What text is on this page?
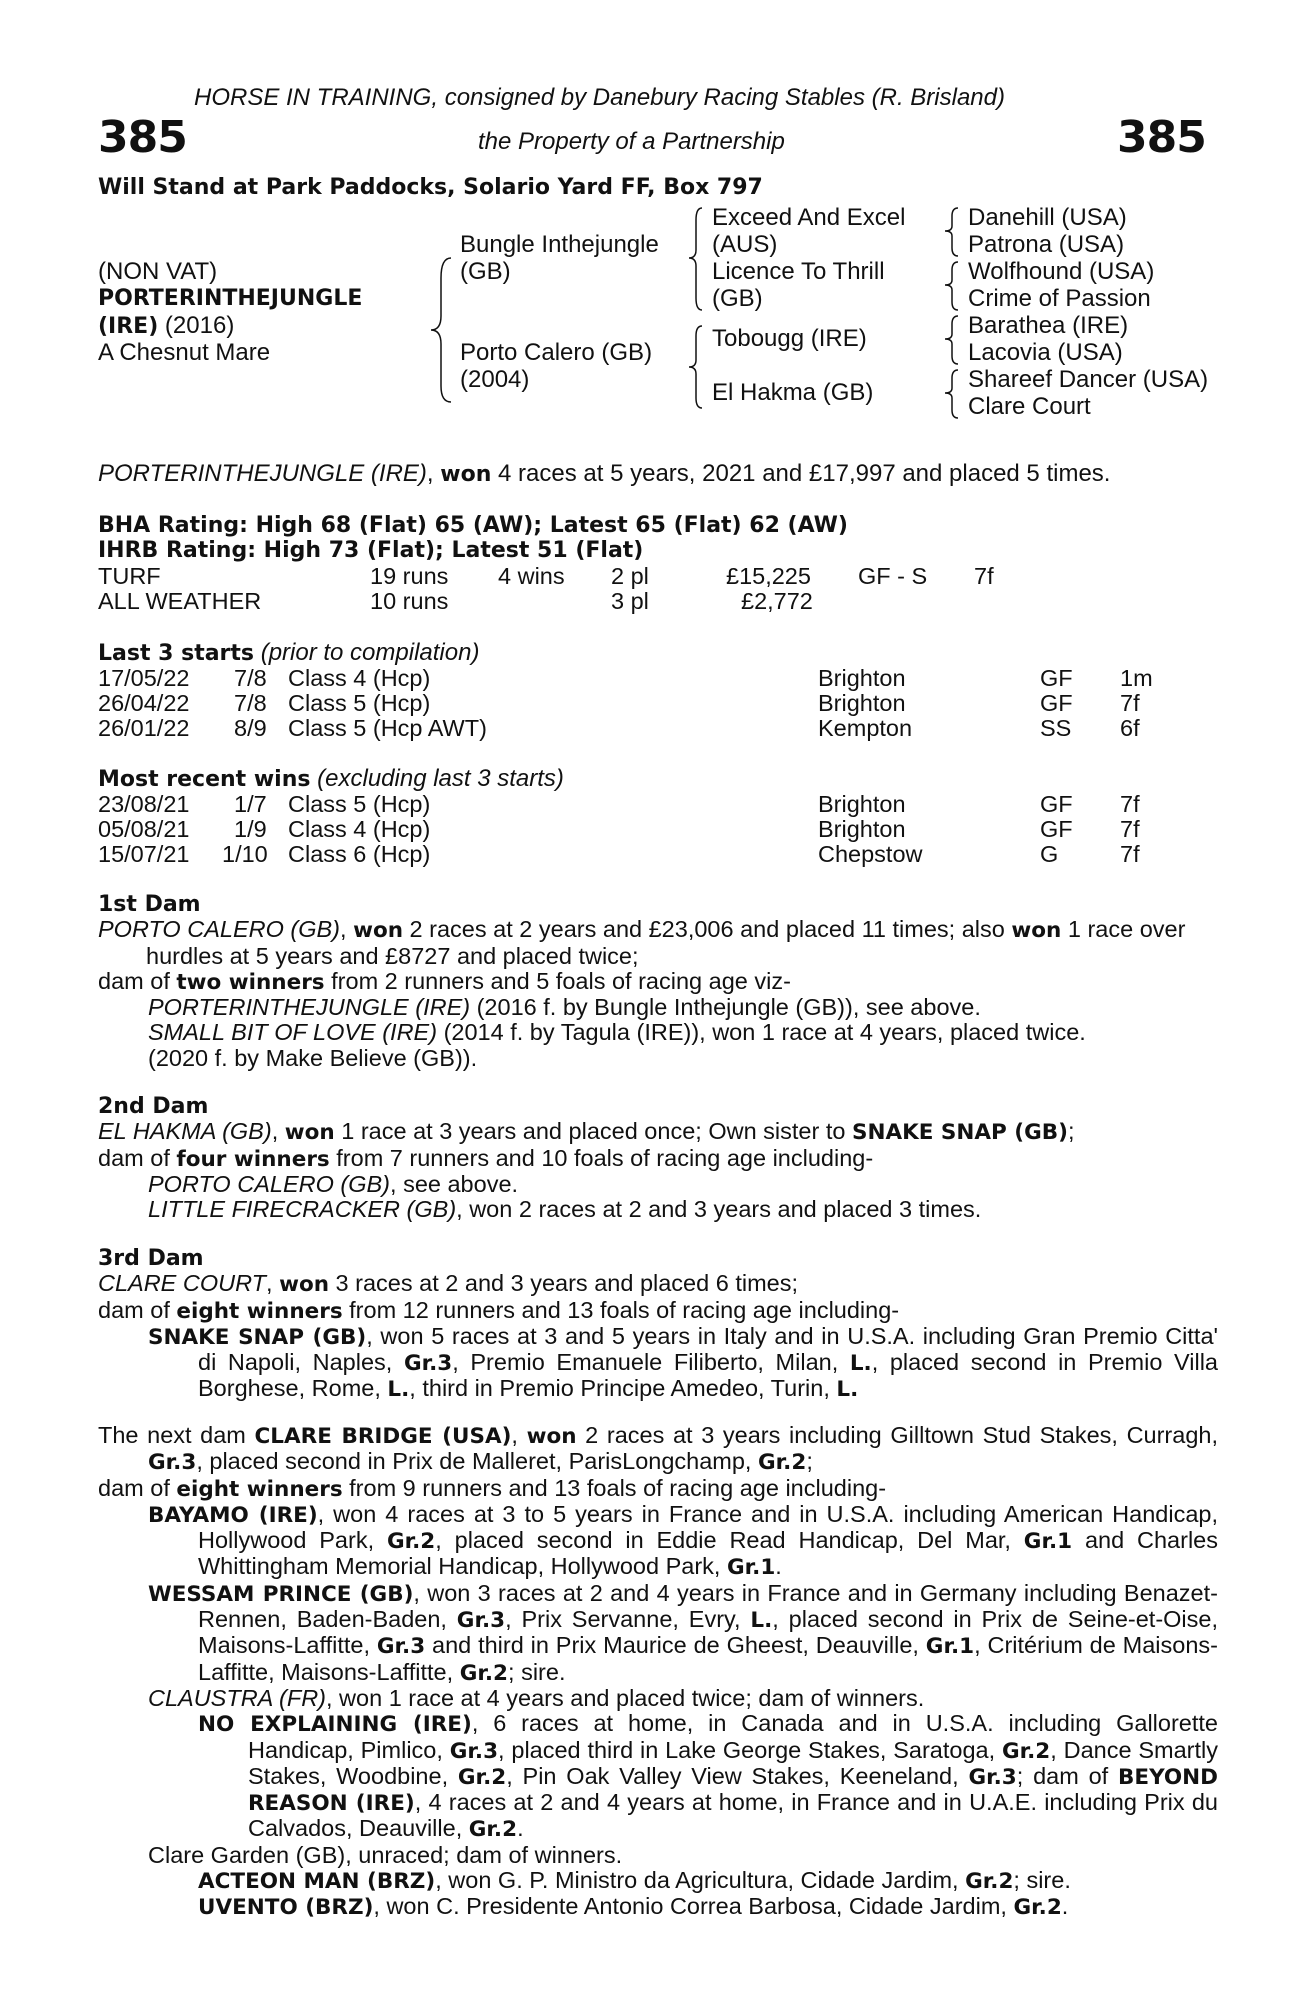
HORSE IN TRAINING, consigned by Danebury Racing Stables (R. Brisland)
385	the Property of a Partnership	385
Will Stand at Park Paddocks, Solario Yard FF, Box 797
(NON VAT)
PORTERINTHEJUNGLE
(IRE) (2016)
A Chesnut Mare
Bungle Inthejungle
(GB)
Porto Calero (GB)
(2004)
Exceed And Excel
(AUS)
Licence To Thrill
(GB)
Tobougg (IRE)
El Hakma (GB)
Danehill (USA)
Patrona (USA)
Wolfhound (USA)
Crime of Passion
Barathea (IRE)
Lacovia (USA)
Shareef Dancer (USA)
Clare Court
PORTERINTHEJUNGLE (IRE), won 4 races at 5 years, 2021 and £17,997 and placed 5 times.
BHA Rating: High 68 (Flat) 65 (AW); Latest 65 (Flat) 62 (AW)
IHRB Rating: High 73 (Flat); Latest 51 (Flat)
TURF	19 runs 4 wins 2 pl	£15,225 GF - S 7f
ALL WEATHER	10 runs	3 pl	£2,772
Last 3 starts (prior to compilation)
17/05/22 7/8 Class 4 (Hcp)	Brighton	GF 1m
26/04/22 7/8 Class 5 (Hcp)	Brighton	GF 7f
26/01/22 8/9 Class 5 (Hcp AWT)	Kempton	SS 6f
Most recent wins (excluding last 3 starts)
23/08/21 1/7 Class 5 (Hcp)	Brighton	GF 7f
05/08/21 1/9 Class 4 (Hcp)	Brighton	GF 7f
15/07/21 1/10 Class 6 (Hcp)	Chepstow	G	7f

1st Dam

PORTO CALERO (GB), won 2 races at 2 years and £23,006 and placed 11 times; also won 1 race over hurdles at 5 years and £8727 and placed twice;

dam of two winners from 2 runners and 5 foals of racing age viz-

PORTERINTHEJUNGLE (IRE) (2016 f. by Bungle Inthejungle (GB)), see above.

SMALL BIT OF LOVE (IRE) (2014 f. by Tagula (IRE)), won 1 race at 4 years, placed twice.

(2020 f. by Make Believe (GB)).

2nd Dam

EL HAKMA (GB), won 1 race at 3 years and placed once; Own sister to SNAKE SNAP (GB);

dam of four winners from 7 runners and 10 foals of racing age including-

PORTO CALERO (GB), see above.

LITTLE FIRECRACKER (GB), won 2 races at 2 and 3 years and placed 3 times.

3rd Dam

CLARE COURT, won 3 races at 2 and 3 years and placed 6 times;

dam of eight winners from 12 runners and 13 foals of racing age including-

SNAKE SNAP (GB), won 5 races at 3 and 5 years in Italy and in U.S.A. including Gran Premio Citta' di Napoli, Naples, Gr.3, Premio Emanuele Filiberto, Milan, L., placed second in Premio Villa Borghese, Rome, L., third in Premio Principe Amedeo, Turin, L.

The next dam CLARE BRIDGE (USA), won 2 races at 3 years including Gilltown Stud Stakes, Curragh, Gr.3, placed second in Prix de Malleret, ParisLongchamp, Gr.2;

dam of eight winners from 9 runners and 13 foals of racing age including-

BAYAMO (IRE), won 4 races at 3 to 5 years in France and in U.S.A. including American Handicap, Hollywood Park, Gr.2, placed second in Eddie Read Handicap, Del Mar, Gr.1 and Charles Whittingham Memorial Handicap, Hollywood Park, Gr.1.

WESSAM PRINCE (GB), won 3 races at 2 and 4 years in France and in Germany including Benazet-Rennen, Baden-Baden, Gr.3, Prix Servanne, Evry, L., placed second in Prix de Seine-et-Oise, Maisons-Laffitte, Gr.3 and third in Prix Maurice de Gheest, Deauville, Gr.1, Critérium de Maisons-Laffitte, Maisons-Laffitte, Gr.2; sire.

CLAUSTRA (FR), won 1 race at 4 years and placed twice; dam of winners.

NO EXPLAINING (IRE), 6 races at home, in Canada and in U.S.A. including Gallorette Handicap, Pimlico, Gr.3, placed third in Lake George Stakes, Saratoga, Gr.2, Dance Smartly Stakes, Woodbine, Gr.2, Pin Oak Valley View Stakes, Keeneland, Gr.3; dam of BEYOND REASON (IRE), 4 races at 2 and 4 years at home, in France and in U.A.E. including Prix du Calvados, Deauville, Gr.2.

Clare Garden (GB), unraced; dam of winners.

ACTEON MAN (BRZ), won G. P. Ministro da Agricultura, Cidade Jardim, Gr.2; sire.

UVENTO (BRZ), won C. Presidente Antonio Correa Barbosa, Cidade Jardim, Gr.2.
